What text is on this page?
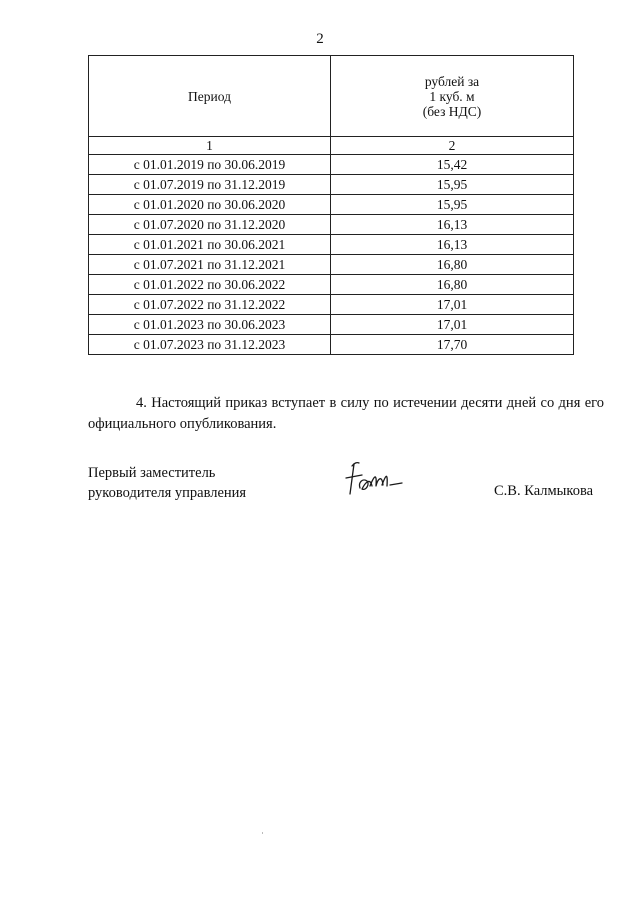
2
Период	рублей за
1 куб. м
(без НДС)
1	2
с 01.01.2019 по 30.06.2019	15,42
с 01.07.2019 по 31.12.2019	15,95
с 01.01.2020 по 30.06.2020	15,95
с 01.07.2020 по 31.12.2020	16,13
с 01.01.2021 по 30.06.2021	16,13
с 01.07.2021 по 31.12.2021	16,80
с 01.01.2022 по 30.06.2022	16,80
с 01.07.2022 по 31.12.2022	17,01
с 01.01.2023 по 30.06.2023	17,01
с 01.07.2023 по 31.12.2023	17,70
4. Настоящий приказ вступает в силу по истечении десяти дней со дня его официального опубликования.
Первый заместитель
руководителя управления	С.В. Калмыкова
